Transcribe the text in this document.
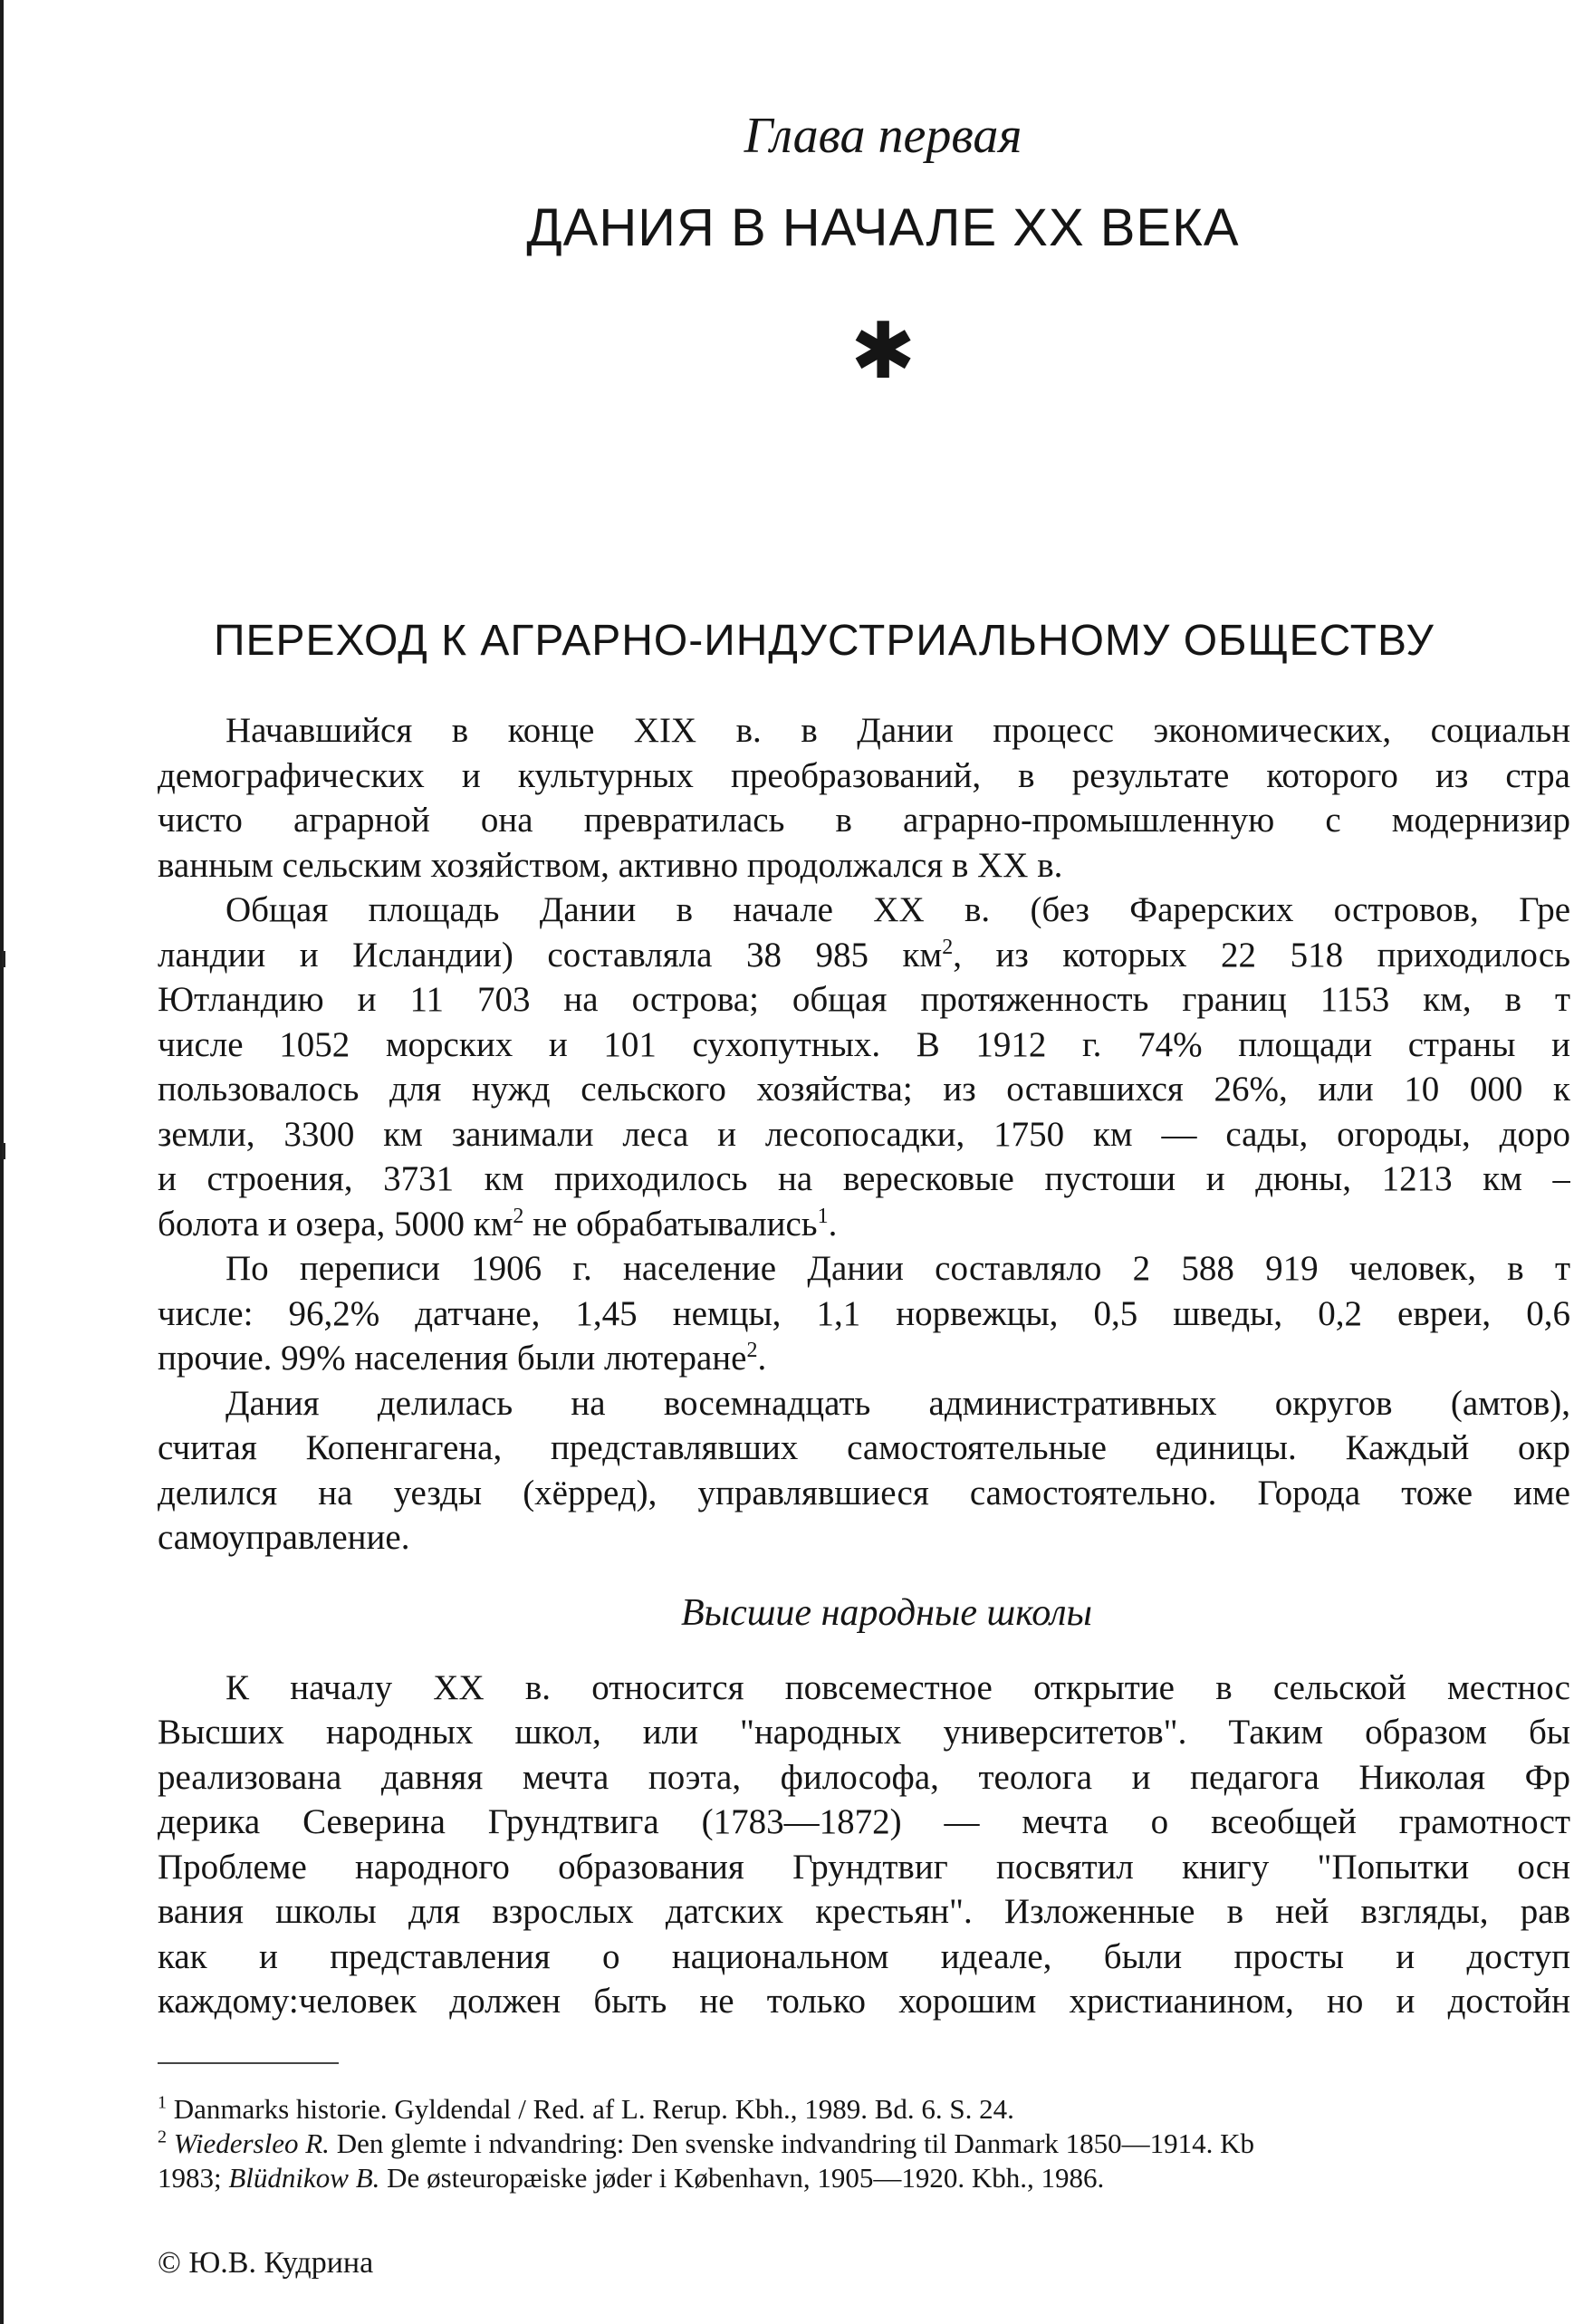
Глава первая
ДАНИЯ В НАЧАЛЕ XX ВЕКА
✱
ПЕРЕХОД К АГРАРНО-ИНДУСТРИАЛЬНОМУ ОБЩЕСТВУ
Начавшийся в конце XIX в. в Дании процесс экономических, социальн
демографических и культурных преобразований, в результате которого из стра
чисто аграрной она превратилась в аграрно-промышленную с модернизир
ванным сельским хозяйством, активно продолжался в XX в.
Общая площадь Дании в начале XX в. (без Фарерских островов, Гре
ландии и Исландии) составляла 38 985 $км^2$, из которых 22 518 приходилось
Ютландию и 11 703 на острова; общая протяженность границ 1153 км, в т
числе 1052 морских и 101 сухопутных. В 1912 г. 74% площади страны и
пользовалось для нужд сельского хозяйства; из оставшихся 26%, или 10 000 к
земли, 3300 км занимали леса и лесопосадки, 1750 км — сады, огороды, доро
и строения, 3731 км приходилось на вересковые пустоши и дюны, 1213 км –
болота и озера, 5000 $км^2$ не обрабатывались$^1$.
По переписи 1906 г. население Дании составляло 2 588 919 человек, в т
числе: 96,2% датчане, 1,45 немцы, 1,1 норвежцы, 0,5 шведы, 0,2 евреи, 0,6
прочие. 99% населения были лютеране$^2$.
Дания делилась на восемнадцать административных округов (амтов),
считая Копенгагена, представлявших самостоятельные единицы. Каждый окр
делился на уезды (хёрред), управлявшиеся самостоятельно. Города тоже име
самоуправление.
Высшие народные школы
К началу XX в. относится повсеместное открытие в сельской местнос
Высших народных школ, или "народных университетов". Таким образом бы
реализована давняя мечта поэта, философа, теолога и педагога Николая Фр
дерика Северина Грундтвига (1783—1872) — мечта о всеобщей грамотност
Проблеме народного образования Грундтвиг посвятил книгу "Попытки осн
вания школы для взрослых датских крестьян". Изложенные в ней взгляды, рав
как и представления о национальном идеале, были просты и доступ
каждому:человек должен быть не только хорошим христианином, но и достойн
$^1$ Danmarks historie. Gyldendal / Red. af L. Rerup. Kbh., 1989. Bd. 6. S. 24.
$^2$ Wiedersleo R. Den glemte i ndvandring: Den svenske indvandring til Danmark 1850—1914. Kb
1983; Blüdnikow B. De østeuropæiske jøder i København, 1905—1920. Kbh., 1986.
© Ю.В. Кудрина
